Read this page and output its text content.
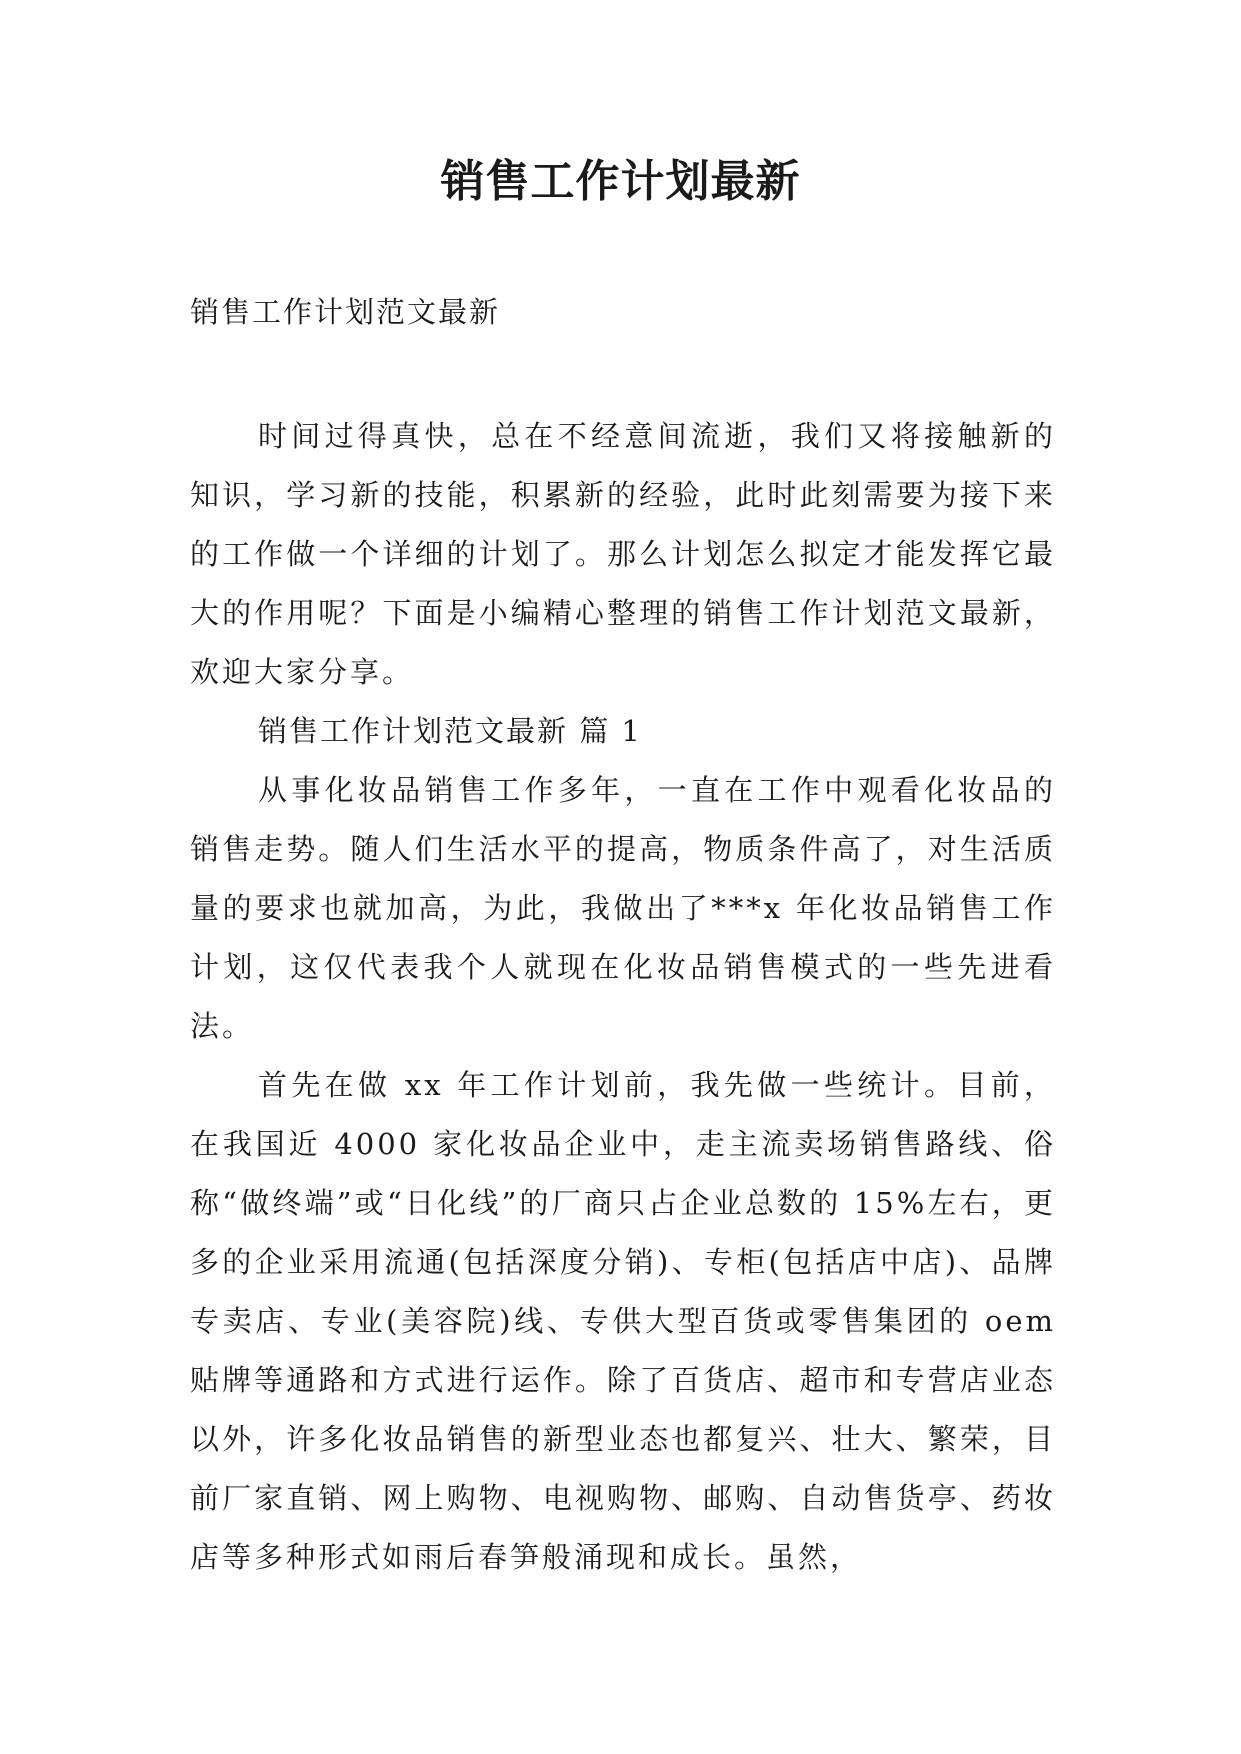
销售工作计划最新

销售工作计划范文最新

时间过得真快，总在不经意间流逝，我们又将接触新的知识，学习新的技能，积累新的经验，此时此刻需要为接下来的工作做一个详细的计划了。那么计划怎么拟定才能发挥它最大的作用呢？下面是小编精心整理的销售工作计划范文最新，欢迎大家分享。

销售工作计划范文最新 篇 1

从事化妆品销售工作多年，一直在工作中观看化妆品的销售走势。随人们生活水平的提高，物质条件高了，对生活质量的要求也就加高，为此，我做出了***x 年化妆品销售工作计划，这仅代表我个人就现在化妆品销售模式的一些先进看法。

首先在做 xx 年工作计划前，我先做一些统计。目前，在我国近 4000 家化妆品企业中，走主流卖场销售路线、俗称“做终端”或“日化线”的厂商只占企业总数的 15%左右，更多的企业采用流通(包括深度分销)、专柜(包括店中店)、品牌专卖店、专业(美容院)线、专供大型百货或零售集团的 oem 贴牌等通路和方式进行运作。除了百货店、超市和专营店业态以外，许多化妆品销售的新型业态也都复兴、壮大、繁荣，目前厂家直销、网上购物、电视购物、邮购、自动售货亭、药妆店等多种形式如雨后春笋般涌现和成长。虽然，
